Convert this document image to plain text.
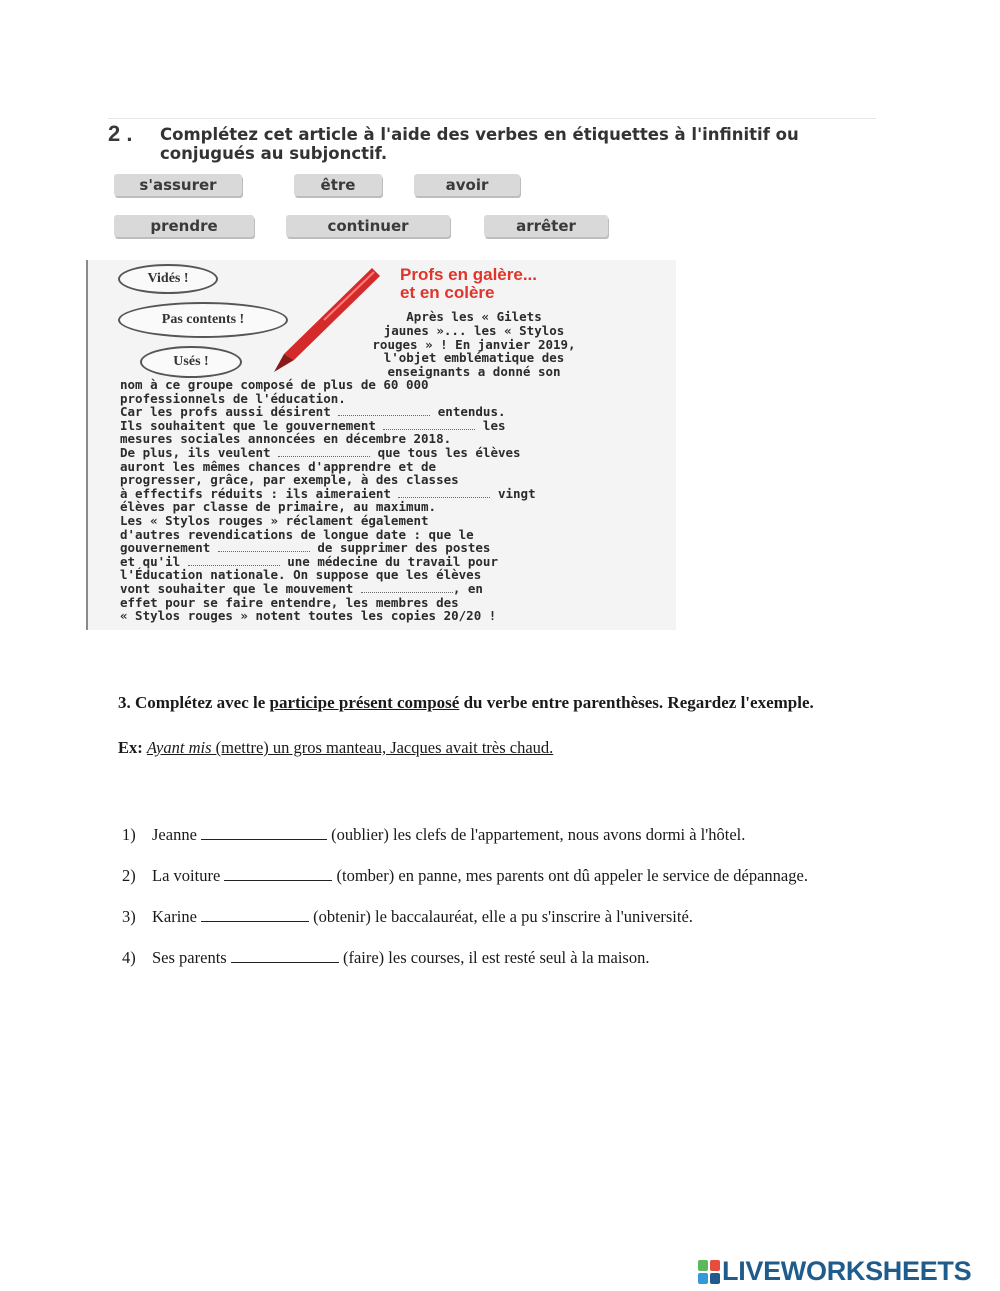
2 . Complétez cet article à l'aide des verbes en étiquettes à l'infinitif ou conjugués au subjonctif.
s'assurer	être	avoir
prendre	continuer	arrêter
Vidés !
Pas contents !
Usés !
Profs en galère...
et en colère
Après les « Gilets
jaunes »... les « Stylos
rouges » ! En janvier 2019,
l'objet emblématique des
enseignants a donné son
nom à ce groupe composé de plus de 60 000
professionnels de l'éducation.
Car les profs aussi désirent	entendus.
Ils souhaitent que le gouvernement	les
mesures sociales annoncées en décembre 2018.
De plus, ils veulent	que tous les élèves
auront les mêmes chances d'apprendre et de
progresser, grâce, par exemple, à des classes
à effectifs réduits : ils aimeraient	vingt
élèves par classe de primaire, au maximum.
Les « Stylos rouges » réclament également
d'autres revendications de longue date : que le
gouvernement	de supprimer des postes
et qu'il	une médecine du travail pour
l'Éducation nationale. On suppose que les élèves
vont souhaiter que le mouvement	, en
effet pour se faire entendre, les membres des
« Stylos rouges » notent toutes les copies 20/20 !
3. Complétez avec le participe présent composé du verbe entre parenthèses. Regardez l'exemple.
Ex: Ayant mis (mettre) un gros manteau, Jacques avait très chaud.
1) Jeanne	(oublier) les clefs de l'appartement, nous avons dormi à l'hôtel.
2) La voiture	(tomber) en panne, mes parents ont dû appeler le service de dépannage.
3) Karine	(obtenir) le baccalauréat, elle a pu s'inscrire à l'université.
4) Ses parents	(faire) les courses, il est resté seul à la maison.
LIVEWORKSHEETS
